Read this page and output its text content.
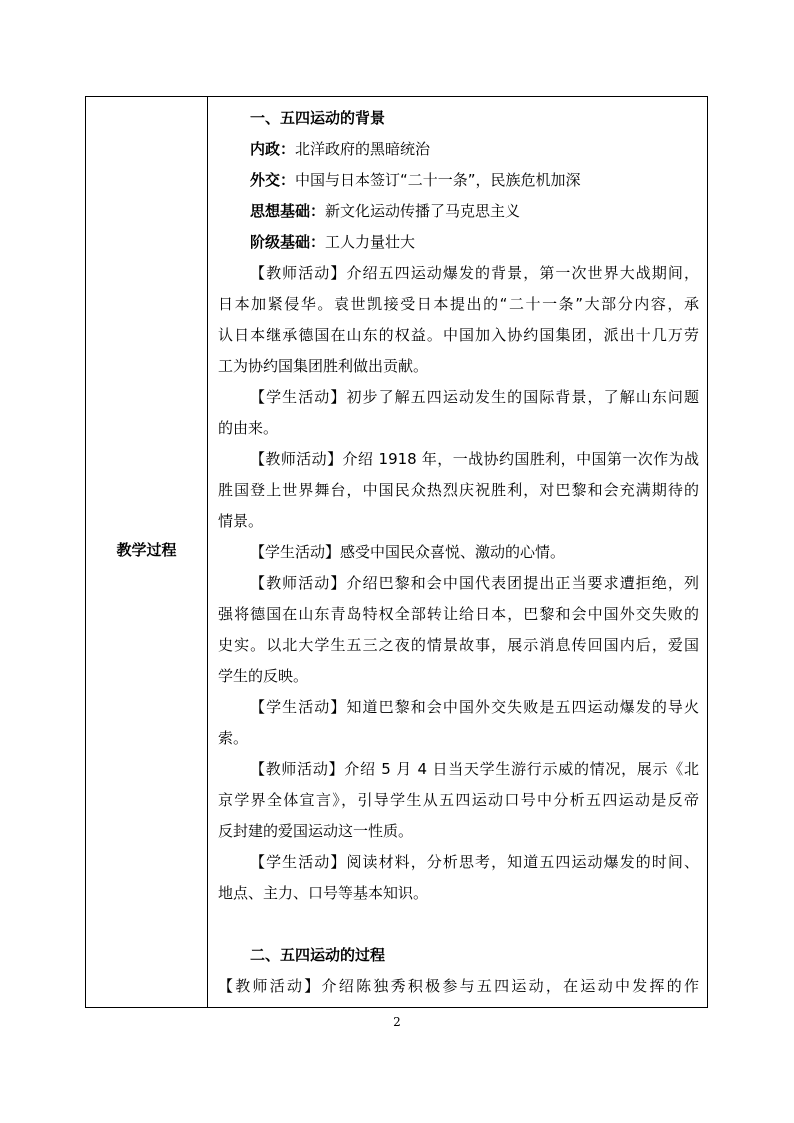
教学过程
一、五四运动的背景
内政：北洋政府的黑暗统治
外交：中国与日本签订“二十一条”，民族危机加深
思想基础：新文化运动传播了马克思主义
阶级基础：工人力量壮大
【教师活动】介绍五四运动爆发的背景，第一次世界大战期间，
日本加紧侵华。袁世凯接受日本提出的“二十一条”大部分内容，承
认日本继承德国在山东的权益。中国加入协约国集团，派出十几万劳
工为协约国集团胜利做出贡献。
【学生活动】初步了解五四运动发生的国际背景，了解山东问题
的由来。
【教师活动】介绍 1918 年，一战协约国胜利，中国第一次作为战
胜国登上世界舞台，中国民众热烈庆祝胜利，对巴黎和会充满期待的
情景。
【学生活动】感受中国民众喜悦、激动的心情。
【教师活动】介绍巴黎和会中国代表团提出正当要求遭拒绝，列
强将德国在山东青岛特权全部转让给日本，巴黎和会中国外交失败的
史实。以北大学生五三之夜的情景故事，展示消息传回国内后，爱国
学生的反映。
【学生活动】知道巴黎和会中国外交失败是五四运动爆发的导火
索。
【教师活动】介绍 5 月 4 日当天学生游行示威的情况，展示《北
京学界全体宣言》，引导学生从五四运动口号中分析五四运动是反帝
反封建的爱国运动这一性质。
【学生活动】阅读材料，分析思考，知道五四运动爆发的时间、
地点、主力、口号等基本知识。
二、五四运动的过程
【教师活动】介绍陈独秀积极参与五四运动，在运动中发挥的作
2
